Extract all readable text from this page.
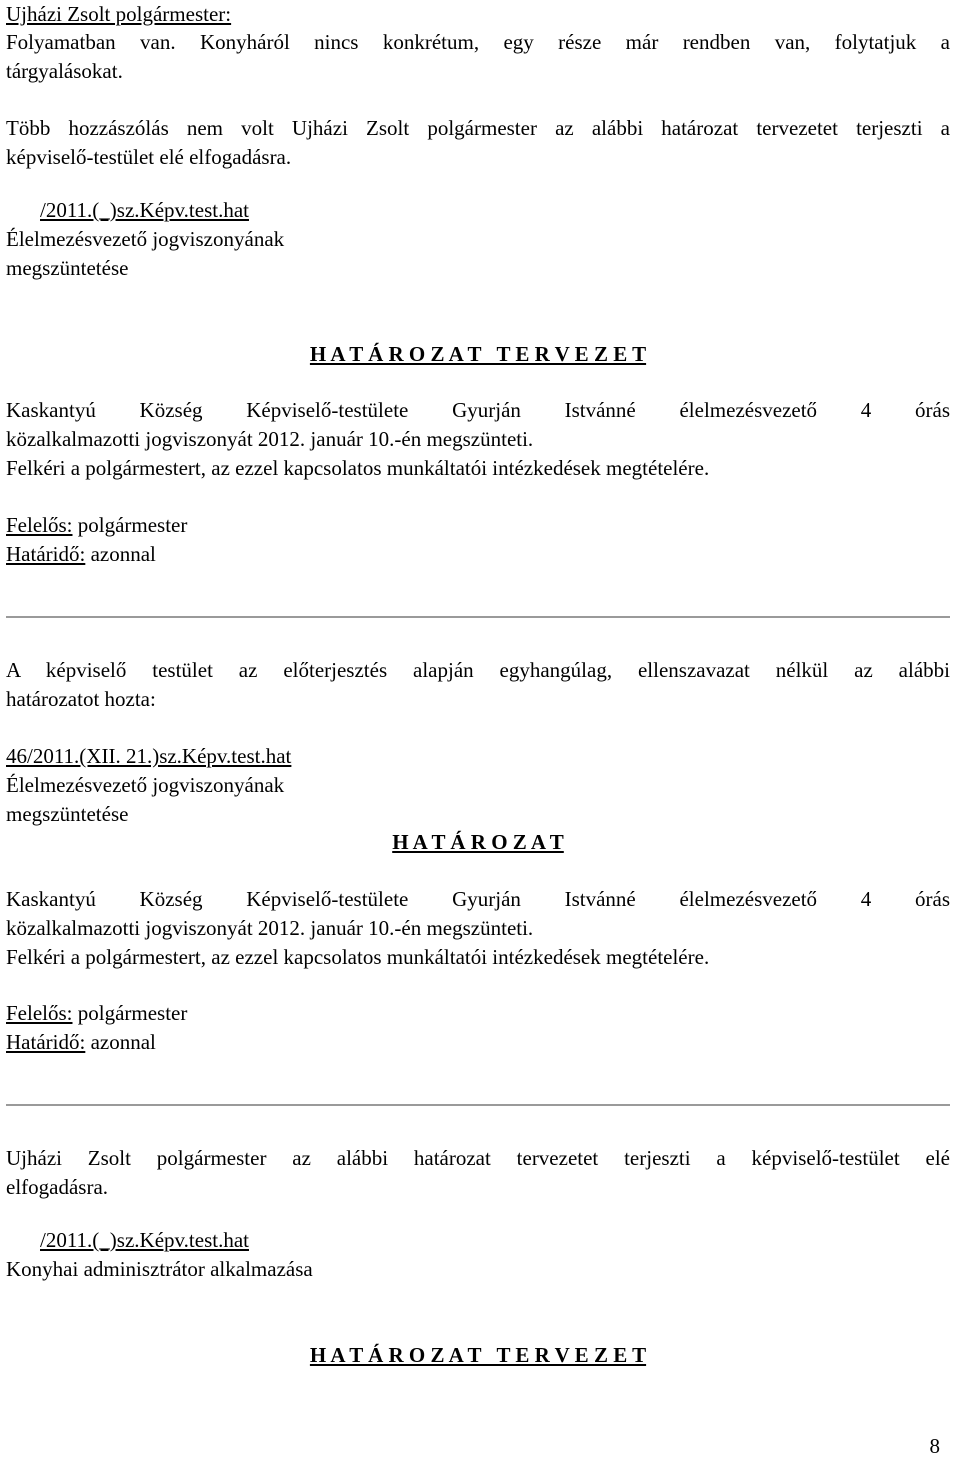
Ujházi Zsolt polgármester:
Folyamatban van. Konyháról nincs konkrétum, egy része már rendben van, folytatjuk a
tárgyalásokat.
Több hozzászólás nem volt Ujházi Zsolt polgármester az alábbi határozat tervezetet terjeszti a
képviselő-testület elé elfogadásra.
/2011.(_)sz.Képv.test.hat
Élelmezésvezető jogviszonyának
megszüntetése
H A T Á R O Z A T   T E R V E Z E T
Kaskantyú Község Képviselő-testülete Gyurján Istvánné élelmezésvezető 4 órás
közalkalmazotti jogviszonyát 2012. január 10.-én megszünteti.
Felkéri a polgármestert, az ezzel kapcsolatos munkáltatói intézkedések megtételére.
Felelős: polgármester
Határidő: azonnal
A képviselő testület az előterjesztés alapján egyhangúlag, ellenszavazat nélkül az alábbi
határozatot hozta:
46/2011.(XII. 21.)sz.Képv.test.hat
Élelmezésvezető jogviszonyának
megszüntetése
H A T Á R O Z A T
Kaskantyú Község Képviselő-testülete Gyurján Istvánné élelmezésvezető 4 órás
közalkalmazotti jogviszonyát 2012. január 10.-én megszünteti.
Felkéri a polgármestert, az ezzel kapcsolatos munkáltatói intézkedések megtételére.
Felelős: polgármester
Határidő: azonnal
Ujházi Zsolt polgármester az alábbi határozat tervezetet terjeszti a képviselő-testület elé
elfogadásra.
/2011.(_)sz.Képv.test.hat
Konyhai adminisztrátor alkalmazása
H A T Á R O Z A T   T E R V E Z E T
8
